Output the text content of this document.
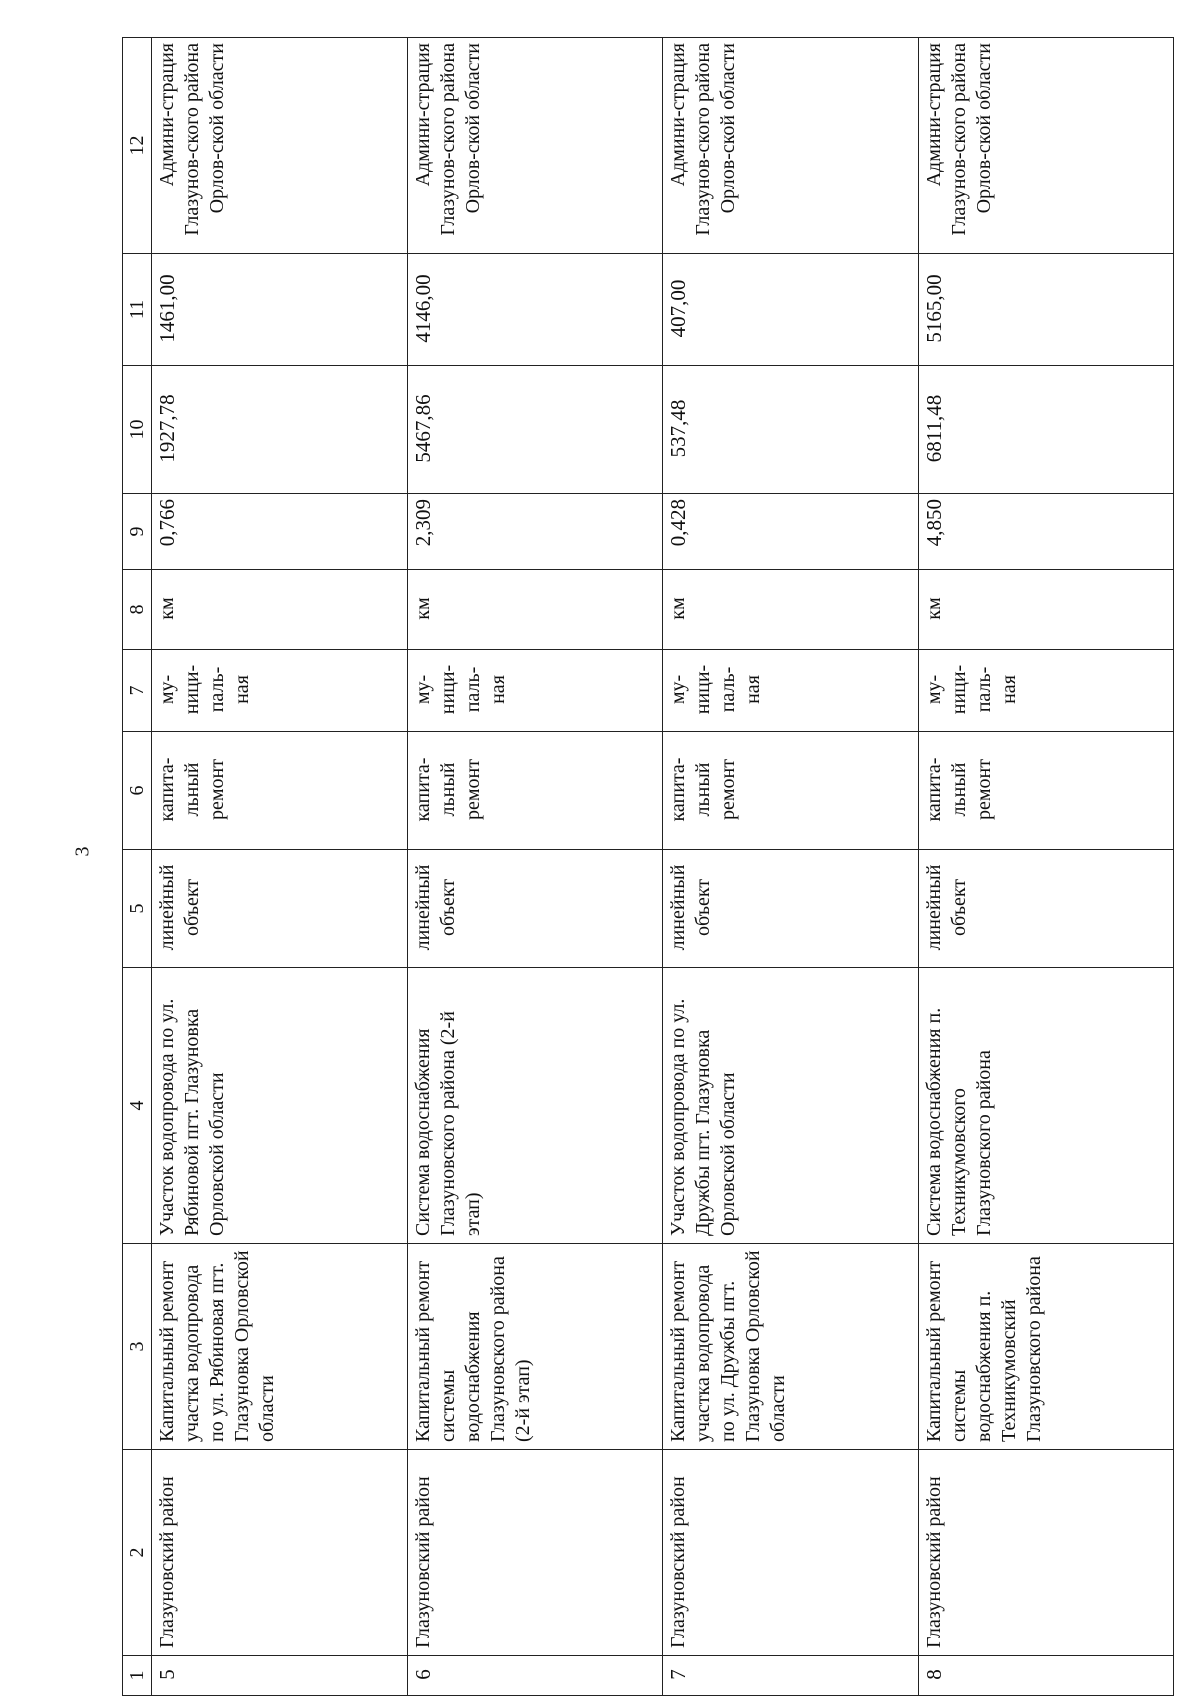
3
1	2	3	4	5	6	7	8	9	10	11	12
5	Глазуновский район	Капитальный ремонт участка водопровода по ул. Рябиновая пгт. Глазуновка Орловской области	Участок водопровода по ул. Рябиновой пгт. Глазуновка Орловской области	линейный объект	капита-льный ремонт	му-ници-паль-ная	км	0,766	1927,78	1461,00	Админи-страция Глазунов-ского района Орлов-ской области
6	Глазуновский район	Капитальный ремонт системы водоснабжения Глазуновского района (2-й этап)	Система водоснабжения Глазуновского района (2-й этап)	линейный объект	капита-льный ремонт	му-ници-паль-ная	км	2,309	5467,86	4146,00	Админи-страция Глазунов-ского района Орлов-ской области
7	Глазуновский район	Капитальный ремонт участка водопровода по ул. Дружбы пгт. Глазуновка Орловской области	Участок водопровода по ул. Дружбы пгт. Глазуновка Орловской области	линейный объект	капита-льный ремонт	му-ници-паль-ная	км	0,428	537,48	407,00	Админи-страция Глазунов-ского района Орлов-ской области
8	Глазуновский район	Капитальный ремонт системы водоснабжения п. Техникумовский Глазуновского района	Система водоснабжения п. Техникумовского Глазуновского района	линейный объект	капита-льный ремонт	му-ници-паль-ная	км	4,850	6811,48	5165,00	Админи-страция Глазунов-ского района Орлов-ской области
